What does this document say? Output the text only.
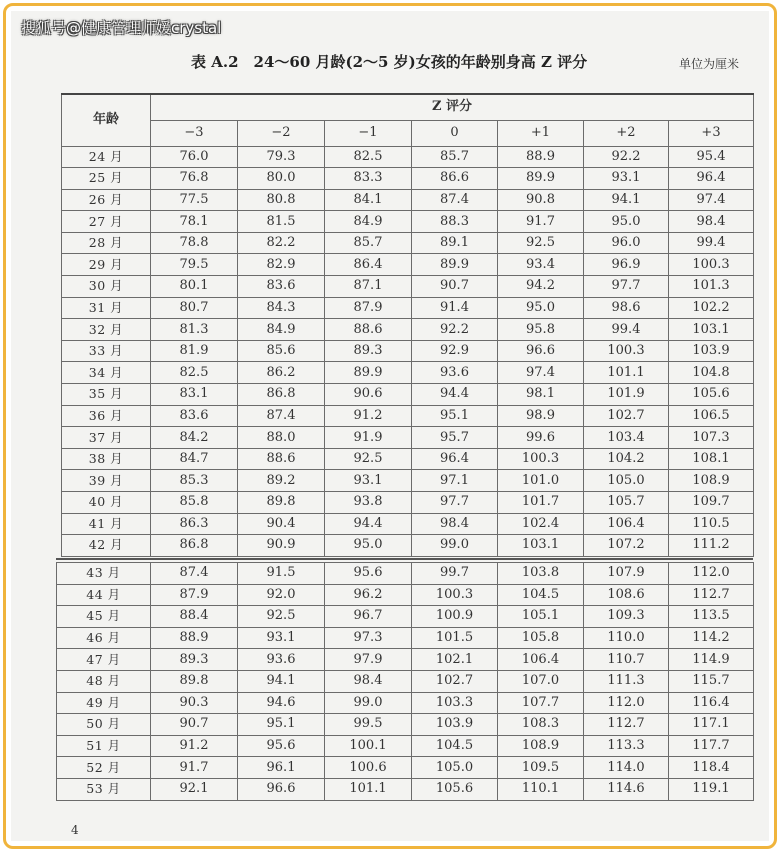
搜狐号@健康管理师媛crystal
表 A.2　24～60 月龄(2～5 岁)女孩的年龄别身高 Z 评分	单位为厘米
年龄	Z 评分						
	−3	−2	−1	0	+1	+2	+3
24 月	76.0	79.3	82.5	85.7	88.9	92.2	95.4
25 月	76.8	80.0	83.3	86.6	89.9	93.1	96.4
26 月	77.5	80.8	84.1	87.4	90.8	94.1	97.4
27 月	78.1	81.5	84.9	88.3	91.7	95.0	98.4
28 月	78.8	82.2	85.7	89.1	92.5	96.0	99.4
29 月	79.5	82.9	86.4	89.9	93.4	96.9	100.3
30 月	80.1	83.6	87.1	90.7	94.2	97.7	101.3
31 月	80.7	84.3	87.9	91.4	95.0	98.6	102.2
32 月	81.3	84.9	88.6	92.2	95.8	99.4	103.1
33 月	81.9	85.6	89.3	92.9	96.6	100.3	103.9
34 月	82.5	86.2	89.9	93.6	97.4	101.1	104.8
35 月	83.1	86.8	90.6	94.4	98.1	101.9	105.6
36 月	83.6	87.4	91.2	95.1	98.9	102.7	106.5
37 月	84.2	88.0	91.9	95.7	99.6	103.4	107.3
38 月	84.7	88.6	92.5	96.4	100.3	104.2	108.1
39 月	85.3	89.2	93.1	97.1	101.0	105.0	108.9
40 月	85.8	89.8	93.8	97.7	101.7	105.7	109.7
41 月	86.3	90.4	94.4	98.4	102.4	106.4	110.5
42 月	86.8	90.9	95.0	99.0	103.1	107.2	111.2
43 月	87.4	91.5	95.6	99.7	103.8	107.9	112.0
44 月	87.9	92.0	96.2	100.3	104.5	108.6	112.7
45 月	88.4	92.5	96.7	100.9	105.1	109.3	113.5
46 月	88.9	93.1	97.3	101.5	105.8	110.0	114.2
47 月	89.3	93.6	97.9	102.1	106.4	110.7	114.9
48 月	89.8	94.1	98.4	102.7	107.0	111.3	115.7
49 月	90.3	94.6	99.0	103.3	107.7	112.0	116.4
50 月	90.7	95.1	99.5	103.9	108.3	112.7	117.1
51 月	91.2	95.6	100.1	104.5	108.9	113.3	117.7
52 月	91.7	96.1	100.6	105.0	109.5	114.0	118.4
53 月	92.1	96.6	101.1	105.6	110.1	114.6	119.1
4
